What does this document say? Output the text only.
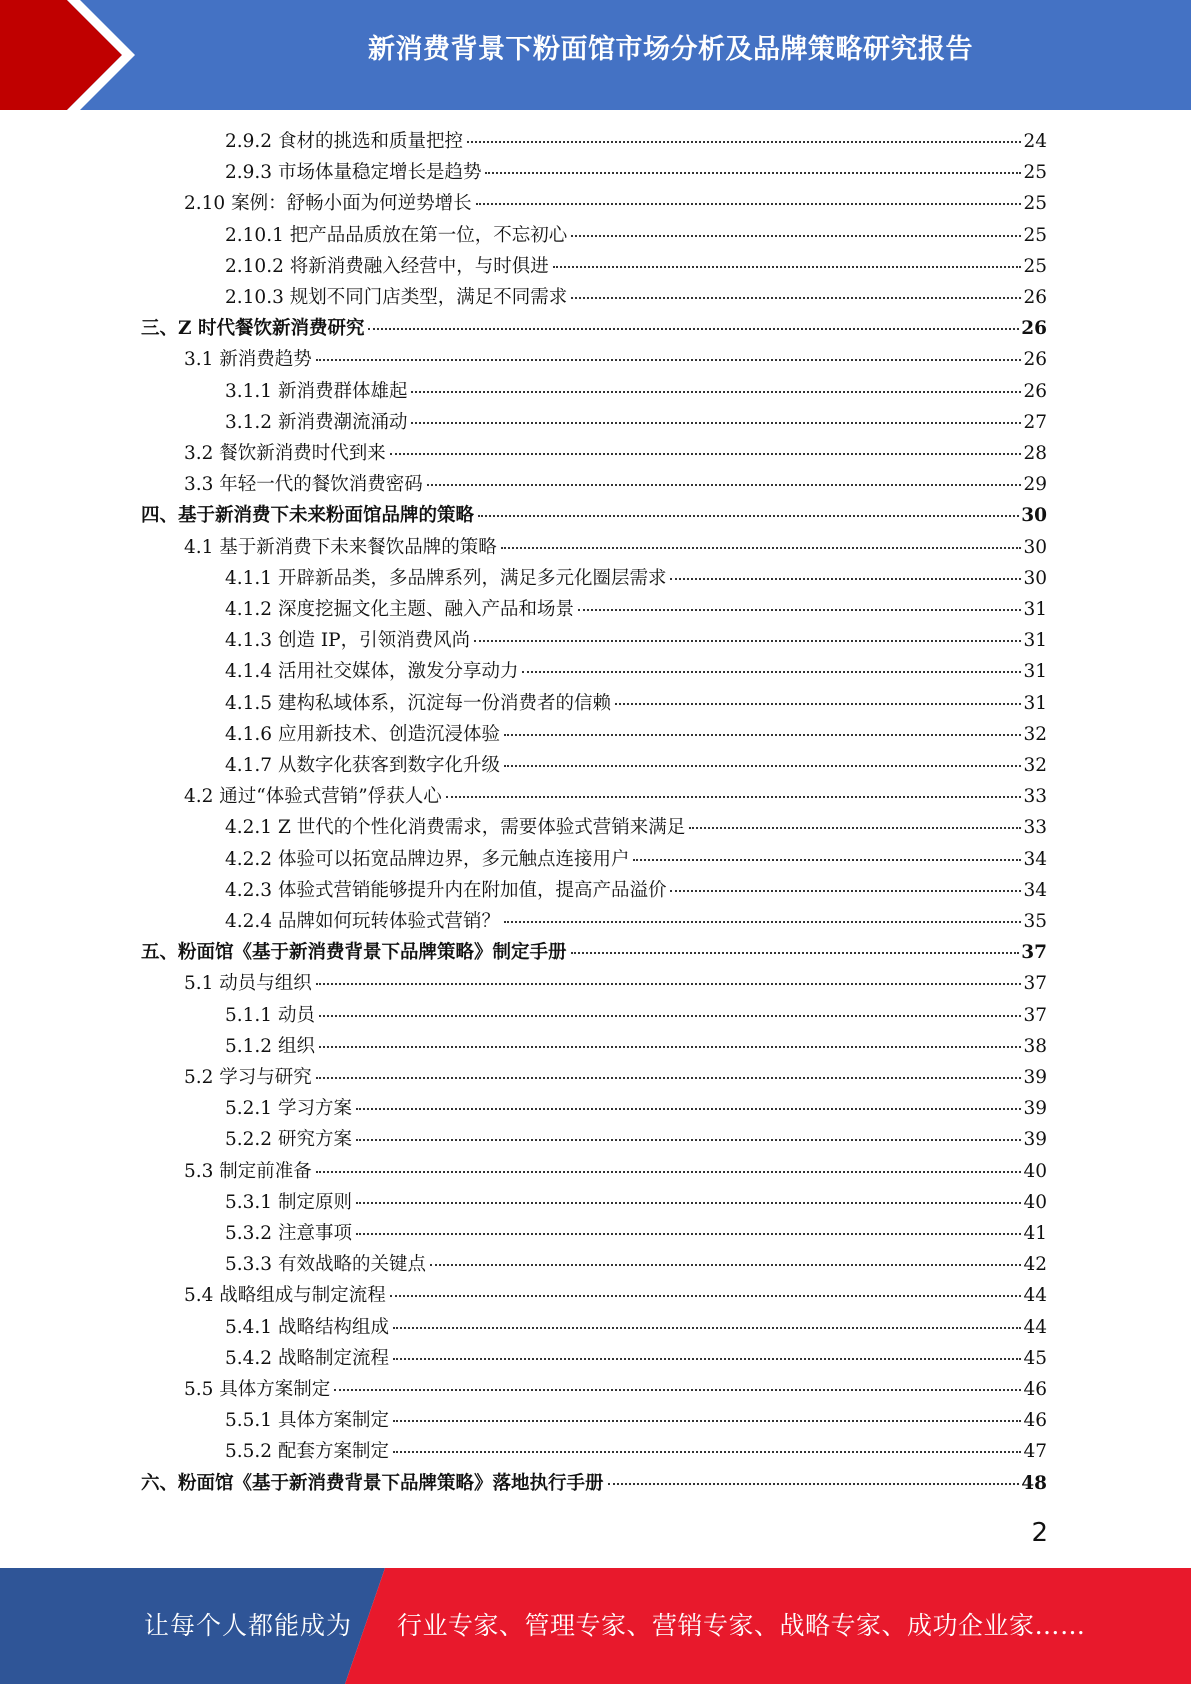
新消费背景下粉面馆市场分析及品牌策略研究报告
2.9.2 食材的挑选和质量把控	24
2.9.3 市场体量稳定增长是趋势	25
2.10 案例：舒畅小面为何逆势增长	25
2.10.1 把产品品质放在第一位，不忘初心	25
2.10.2 将新消费融入经营中，与时俱进	25
2.10.3 规划不同门店类型，满足不同需求	26
三、Z 时代餐饮新消费研究	26
3.1 新消费趋势	26
3.1.1 新消费群体雄起	26
3.1.2 新消费潮流涌动	27
3.2 餐饮新消费时代到来	28
3.3 年轻一代的餐饮消费密码	29
四、基于新消费下未来粉面馆品牌的策略	30
4.1 基于新消费下未来餐饮品牌的策略	30
4.1.1 开辟新品类，多品牌系列，满足多元化圈层需求	30
4.1.2 深度挖掘文化主题、融入产品和场景	31
4.1.3 创造 IP，引领消费风尚	31
4.1.4 活用社交媒体，激发分享动力	31
4.1.5 建构私域体系，沉淀每一份消费者的信赖	31
4.1.6 应用新技术、创造沉浸体验	32
4.1.7 从数字化获客到数字化升级	32
4.2 通过“体验式营销”俘获人心	33
4.2.1 Z 世代的个性化消费需求，需要体验式营销来满足	33
4.2.2 体验可以拓宽品牌边界，多元触点连接用户	34
4.2.3 体验式营销能够提升内在附加值，提高产品溢价	34
4.2.4 品牌如何玩转体验式营销？	35
五、粉面馆《基于新消费背景下品牌策略》制定手册	37
5.1 动员与组织	37
5.1.1 动员	37
5.1.2 组织	38
5.2 学习与研究	39
5.2.1 学习方案	39
5.2.2 研究方案	39
5.3 制定前准备	40
5.3.1 制定原则	40
5.3.2 注意事项	41
5.3.3 有效战略的关键点	42
5.4 战略组成与制定流程	44
5.4.1 战略结构组成	44
5.4.2 战略制定流程	45
5.5 具体方案制定	46
5.5.1 具体方案制定	46
5.5.2 配套方案制定	47
六、粉面馆《基于新消费背景下品牌策略》落地执行手册	48
2
让每个人都能成为 行业专家、管理专家、营销专家、战略专家、成功企业家……
